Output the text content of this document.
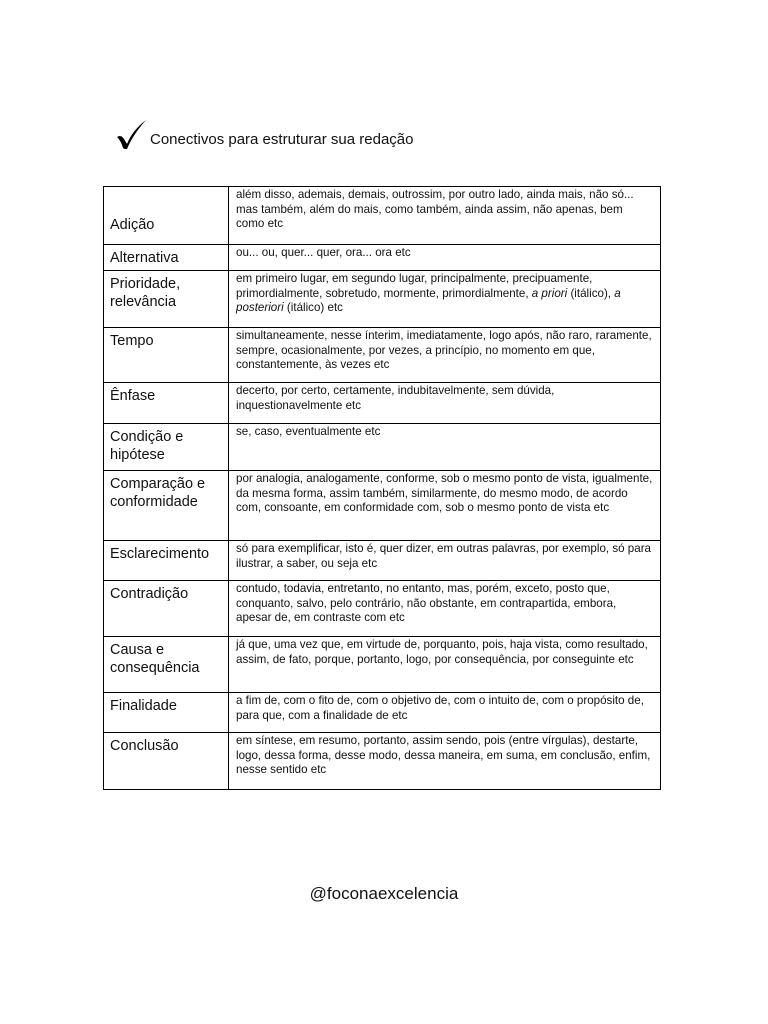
Conectivos para estruturar sua redação
Adição	além disso, ademais, demais, outrossim, por outro lado, ainda mais, não só... mas também, além do mais, como também, ainda assim, não apenas, bem como etc
Alternativa	ou... ou, quer... quer, ora... ora etc
Prioridade, relevância	em primeiro lugar, em segundo lugar, principalmente, precipuamente, primordialmente, sobretudo, mormente, primordialmente, a priori (itálico), a posteriori (itálico) etc
Tempo	simultaneamente, nesse ínterim, imediatamente, logo após, não raro, raramente, sempre, ocasionalmente, por vezes, a princípio, no momento em que, constantemente, às vezes etc
Ênfase	decerto, por certo, certamente, indubitavelmente, sem dúvida, inquestionavelmente etc
Condição e hipótese	se, caso, eventualmente etc
Comparação e conformidade	por analogia, analogamente, conforme, sob o mesmo ponto de vista, igualmente, da mesma forma, assim também, similarmente, do mesmo modo, de acordo com, consoante, em conformidade com, sob o mesmo ponto de vista etc
Esclarecimento	só para exemplificar, isto é, quer dizer, em outras palavras, por exemplo, só para ilustrar, a saber, ou seja etc
Contradição	contudo, todavia, entretanto, no entanto, mas, porém, exceto, posto que, conquanto, salvo, pelo contrário, não obstante, em contrapartida, embora, apesar de, em contraste com etc
Causa e consequência	já que, uma vez que, em virtude de, porquanto, pois, haja vista, como resultado, assim, de fato, porque, portanto, logo, por consequência, por conseguinte etc
Finalidade	a fim de, com o fito de, com o objetivo de, com o intuito de, com o propósito de, para que, com a finalidade de etc
Conclusão	em síntese, em resumo, portanto, assim sendo, pois (entre vírgulas), destarte, logo, dessa forma, desse modo, dessa maneira, em suma, em conclusão, enfim, nesse sentido etc
@foconaexcelencia
